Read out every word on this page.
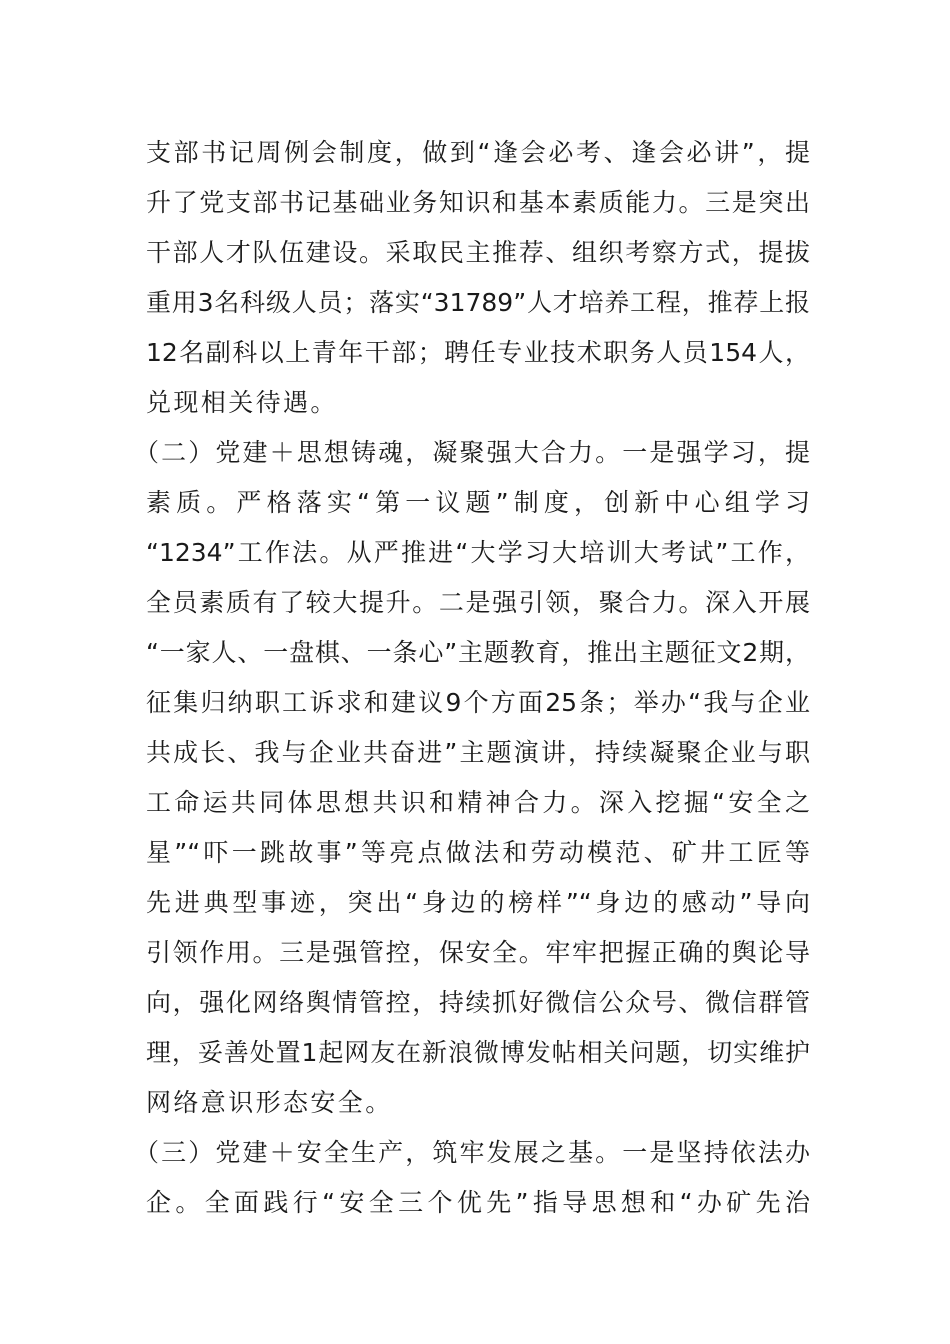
支部书记周例会制度，做到“逢会必考、逢会必讲”，提
升了党支部书记基础业务知识和基本素质能力。三是突出
干部人才队伍建设。采取民主推荐、组织考察方式，提拔
重用3名科级人员；落实“31789”人才培养工程，推荐上报
12名副科以上青年干部；聘任专业技术职务人员154人，
兑现相关待遇。
（二）党建＋思想铸魂，凝聚强大合力。一是强学习，提
素质。严格落实“第一议题”制度，创新中心组学习
“1234”工作法。从严推进“大学习大培训大考试”工作，
全员素质有了较大提升。二是强引领，聚合力。深入开展
“一家人、一盘棋、一条心”主题教育，推出主题征文2期，
征集归纳职工诉求和建议9个方面25条；举办“我与企业
共成长、我与企业共奋进”主题演讲，持续凝聚企业与职
工命运共同体思想共识和精神合力。深入挖掘“安全之
星”“吓一跳故事”等亮点做法和劳动模范、矿井工匠等
先进典型事迹，突出“身边的榜样”“身边的感动”导向
引领作用。三是强管控，保安全。牢牢把握正确的舆论导
向，强化网络舆情管控，持续抓好微信公众号、微信群管
理，妥善处置1起网友在新浪微博发帖相关问题，切实维护
网络意识形态安全。
（三）党建＋安全生产，筑牢发展之基。一是坚持依法办
企。全面践行“安全三个优先”指导思想和“办矿先治
